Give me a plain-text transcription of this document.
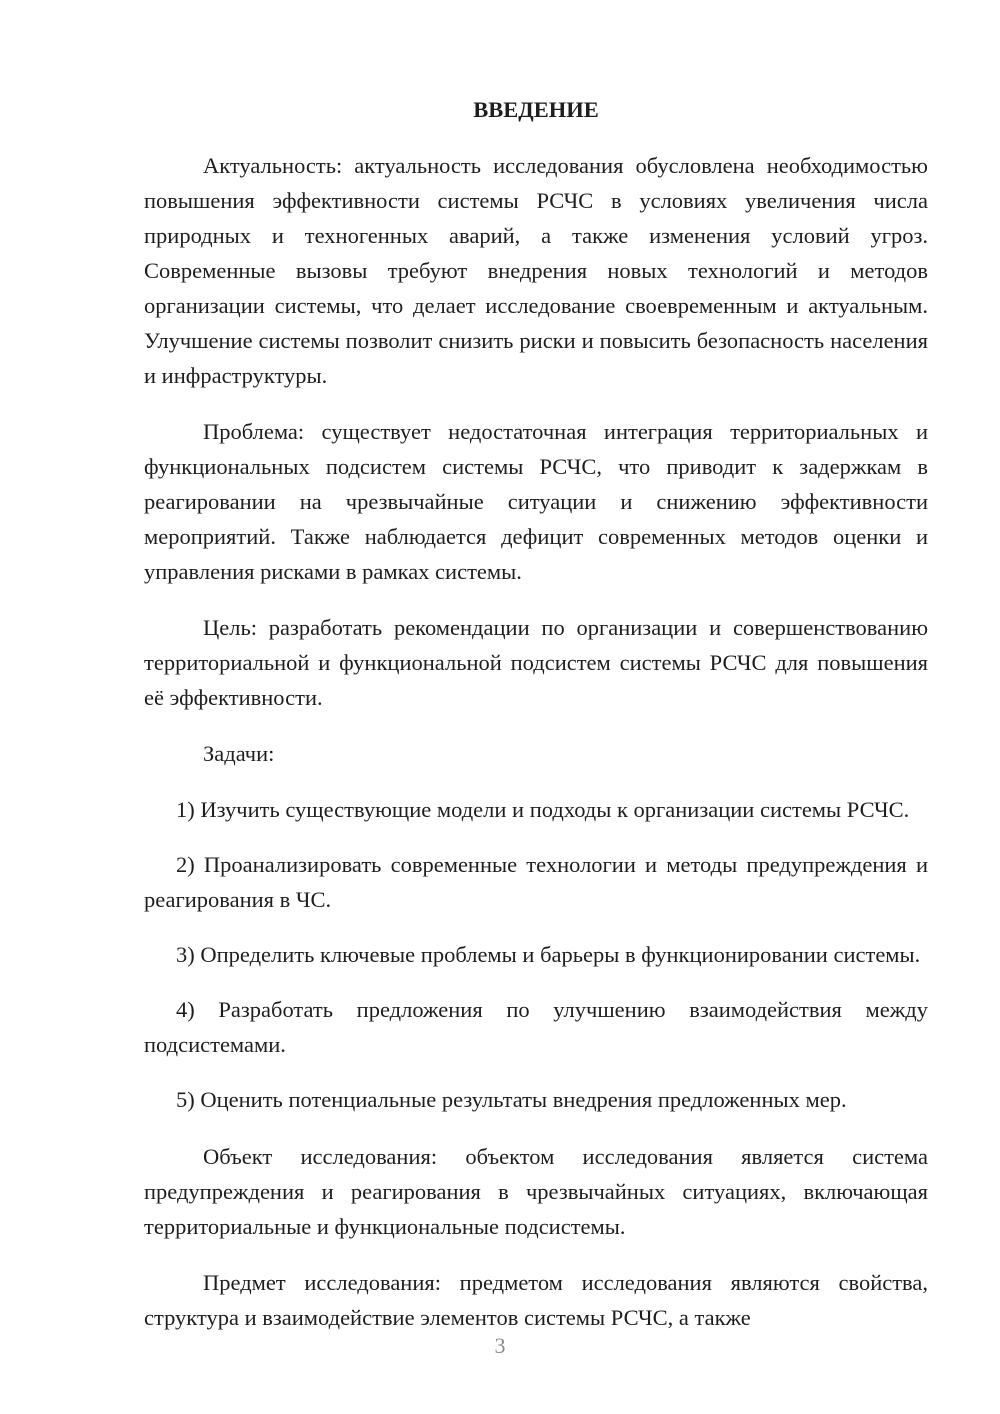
ВВЕДЕНИЕ

Актуальность: актуальность исследования обусловлена необходимостью повышения эффективности системы РСЧС в условиях увеличения числа природных и техногенных аварий, а также изменения условий угроз. Современные вызовы требуют внедрения новых технологий и методов организации системы, что делает исследование своевременным и актуальным. Улучшение системы позволит снизить риски и повысить безопасность населения и инфраструктуры.

Проблема: существует недостаточная интеграция территориальных и функциональных подсистем системы РСЧС, что приводит к задержкам в реагировании на чрезвычайные ситуации и снижению эффективности мероприятий. Также наблюдается дефицит современных методов оценки и управления рисками в рамках системы.

Цель: разработать рекомендации по организации и совершенствованию территориальной и функциональной подсистем системы РСЧС для повышения её эффективности.

Задачи:

1) Изучить существующие модели и подходы к организации системы РСЧС.

2) Проанализировать современные технологии и методы предупреждения и реагирования в ЧС.

3) Определить ключевые проблемы и барьеры в функционировании системы.

4) Разработать предложения по улучшению взаимодействия между подсистемами.

5) Оценить потенциальные результаты внедрения предложенных мер.

Объект исследования: объектом исследования является система предупреждения и реагирования в чрезвычайных ситуациях, включающая территориальные и функциональные подсистемы.

Предмет исследования: предметом исследования являются свойства, структура и взаимодействие элементов системы РСЧС, а также

3
